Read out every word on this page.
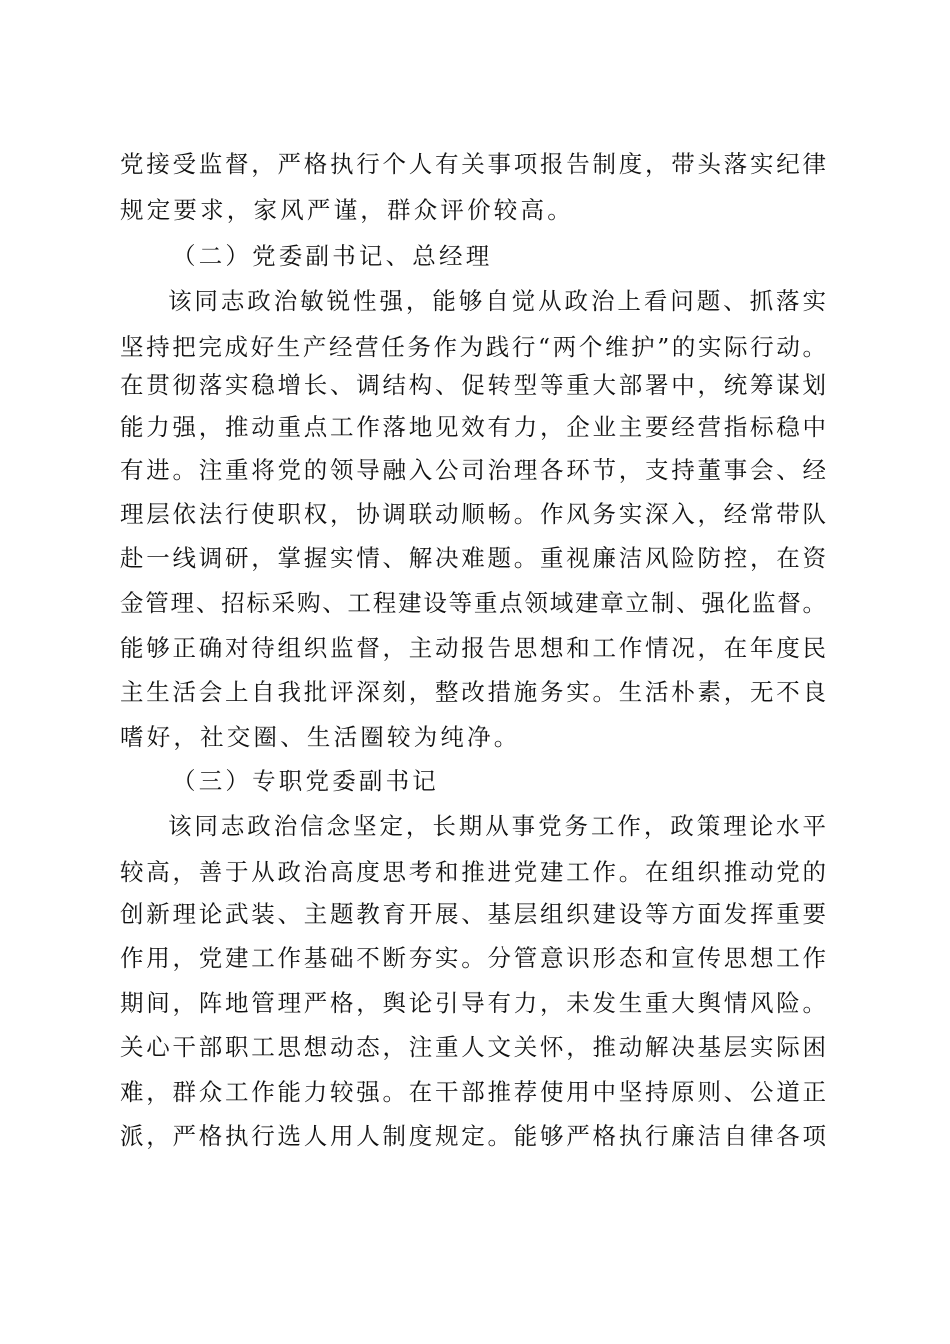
党接受监督，严格执行个人有关事项报告制度，带头落实纪律
规定要求，家风严谨，群众评价较高。
（二）党委副书记、总经理
该同志政治敏锐性强，能够自觉从政治上看问题、抓落实
坚持把完成好生产经营任务作为践行“两个维护”的实际行动。
在贯彻落实稳增长、调结构、促转型等重大部署中，统筹谋划
能力强，推动重点工作落地见效有力，企业主要经营指标稳中
有进。注重将党的领导融入公司治理各环节，支持董事会、经
理层依法行使职权，协调联动顺畅。作风务实深入，经常带队
赴一线调研，掌握实情、解决难题。重视廉洁风险防控，在资
金管理、招标采购、工程建设等重点领域建章立制、强化监督。
能够正确对待组织监督，主动报告思想和工作情况，在年度民
主生活会上自我批评深刻，整改措施务实。生活朴素，无不良
嗜好，社交圈、生活圈较为纯净。
（三）专职党委副书记
该同志政治信念坚定，长期从事党务工作，政策理论水平
较高，善于从政治高度思考和推进党建工作。在组织推动党的
创新理论武装、主题教育开展、基层组织建设等方面发挥重要
作用，党建工作基础不断夯实。分管意识形态和宣传思想工作
期间，阵地管理严格，舆论引导有力，未发生重大舆情风险。
关心干部职工思想动态，注重人文关怀，推动解决基层实际困
难，群众工作能力较强。在干部推荐使用中坚持原则、公道正
派，严格执行选人用人制度规定。能够严格执行廉洁自律各项
